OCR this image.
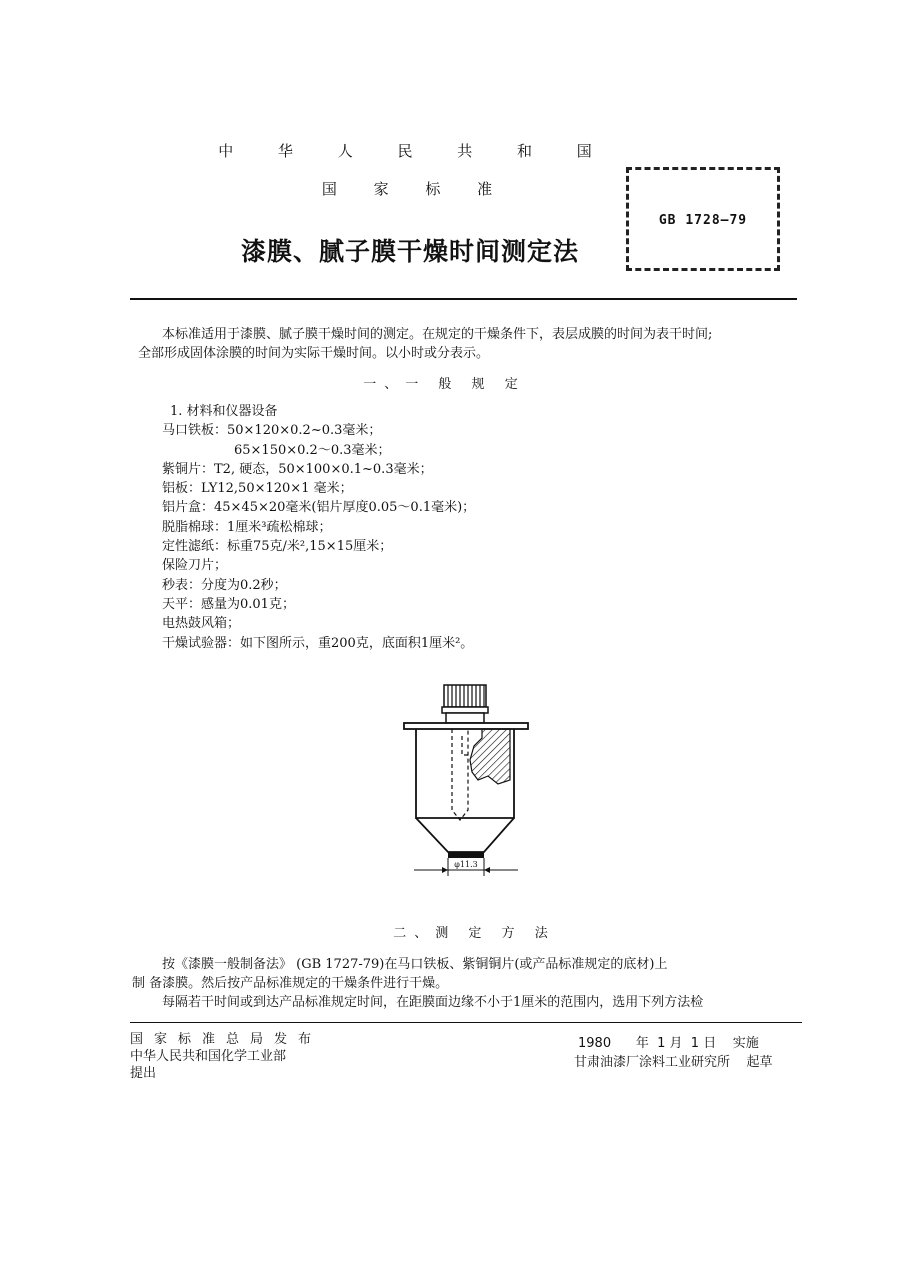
中 华 人 民 共 和 国
国 家 标 准
漆膜、腻子膜干燥时间测定法
GB 1728—79
本标准适用于漆膜、腻子膜干燥时间的测定。在规定的干燥条件下，表层成膜的时间为表干时间;
全部形成固体涂膜的时间为实际干燥时间。以小时或分表示。
一、一 般 规 定
1. 材料和仪器设备
马口铁板：50×120×0.2~0.3毫米；
65×150×0.2～0.3毫米；
紫铜片：T2, 硬态，50×100×0.1~0.3毫米；
铝板：LY12,50×120×1 毫米；
铝片盒：45×45×20毫米(铝片厚度0.05～0.1毫米)；
脱脂棉球：1厘米³疏松棉球；
定性滤纸：标重75克/米²,15×15厘米；
保险刀片；
秒表：分度为0.2秒；
天平：感量为0.01克；
电热鼓风箱；
干燥试验器：如下图所示，重200克，底面积1厘米²。
φ11.3
二、测 定 方 法
按《漆膜一般制备法》 (GB 1727-79)在马口铁板、紫铜铜片(或产品标准规定的底材)上
制 备漆膜。然后按产品标准规定的干燥条件进行干燥。
每隔若干时间或到达产品标准规定时间，在距膜面边缘不小于1厘米的范围内，选用下列方法检
国家标准总局发布
中华人民共和国化学工业部
提出
1980      年  1 月  1 日    实施
甘肃油漆厂涂料工业研究所    起草
